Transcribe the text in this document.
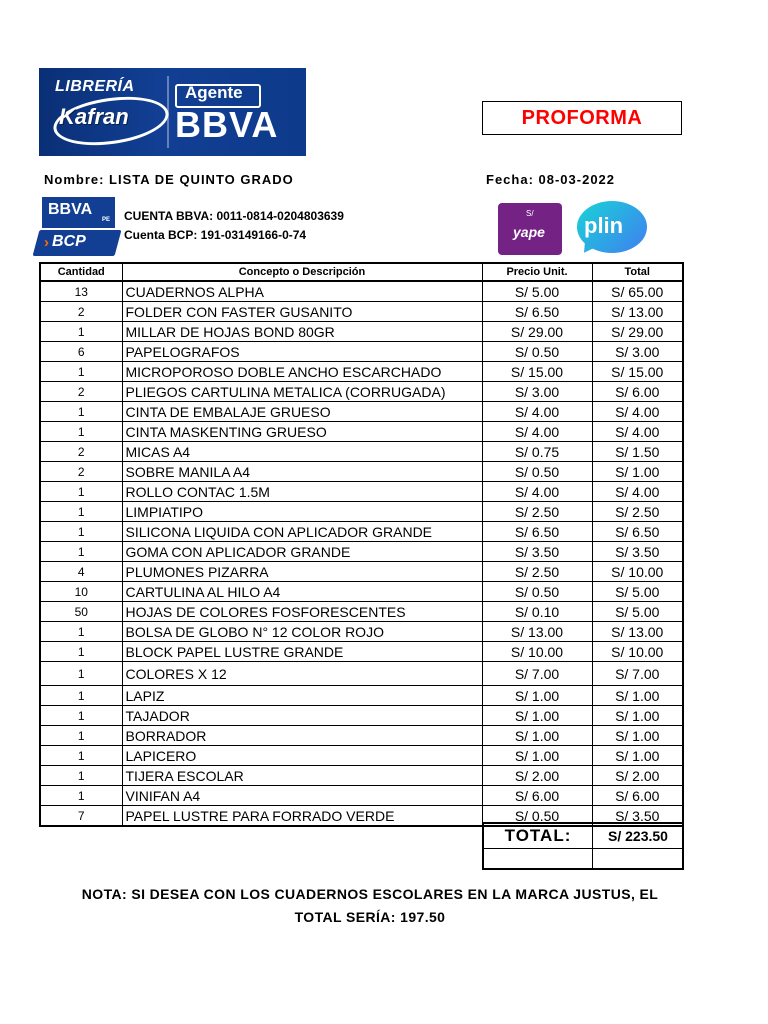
LIBRERÍA
Kafran
Agente
BBVA	PROFORMA
Nombre: LISTA DE QUINTO GRADO	Fecha: 08-03-2022
BBVA
PE
› BCP
CUENTA BBVA: 0011-0814-0204803639
Cuenta BCP: 191-03149166-0-74
S/
yape plin
Cantidad	Concepto o Descripción	Precio Unit.	Total
13	CUADERNOS ALPHA	S/ 5.00	S/ 65.00
2	FOLDER CON FASTER GUSANITO	S/ 6.50	S/ 13.00
1	MILLAR DE HOJAS BOND 80GR	S/ 29.00	S/ 29.00
6	PAPELOGRAFOS	S/ 0.50	S/ 3.00
1	MICROPOROSO DOBLE ANCHO ESCARCHADO	S/ 15.00	S/ 15.00
2	PLIEGOS CARTULINA METALICA (CORRUGADA)	S/ 3.00	S/ 6.00
1	CINTA DE EMBALAJE GRUESO	S/ 4.00	S/ 4.00
1	CINTA MASKENTING GRUESO	S/ 4.00	S/ 4.00
2	MICAS A4	S/ 0.75	S/ 1.50
2	SOBRE MANILA A4	S/ 0.50	S/ 1.00
1	ROLLO CONTAC 1.5M	S/ 4.00	S/ 4.00
1	LIMPIATIPO	S/ 2.50	S/ 2.50
1	SILICONA LIQUIDA CON APLICADOR GRANDE	S/ 6.50	S/ 6.50
1	GOMA CON APLICADOR GRANDE	S/ 3.50	S/ 3.50
4	PLUMONES PIZARRA	S/ 2.50	S/ 10.00
10	CARTULINA AL HILO A4	S/ 0.50	S/ 5.00
50	HOJAS DE COLORES FOSFORESCENTES	S/ 0.10	S/ 5.00
1	BOLSA DE GLOBO N° 12 COLOR ROJO	S/ 13.00	S/ 13.00
1	BLOCK PAPEL LUSTRE GRANDE	S/ 10.00	S/ 10.00
1	COLORES X 12	S/ 7.00	S/ 7.00
1	LAPIZ	S/ 1.00	S/ 1.00
1	TAJADOR	S/ 1.00	S/ 1.00
1	BORRADOR	S/ 1.00	S/ 1.00
1	LAPICERO	S/ 1.00	S/ 1.00
1	TIJERA ESCOLAR	S/ 2.00	S/ 2.00
1	VINIFAN A4	S/ 6.00	S/ 6.00
7	PAPEL LUSTRE PARA FORRADO VERDE	S/ 0.50	S/ 3.50
TOTAL:	S/ 223.50
NOTA: SI DESEA CON LOS CUADERNOS ESCOLARES EN LA MARCA JUSTUS, EL
TOTAL SERÍA: 197.50
